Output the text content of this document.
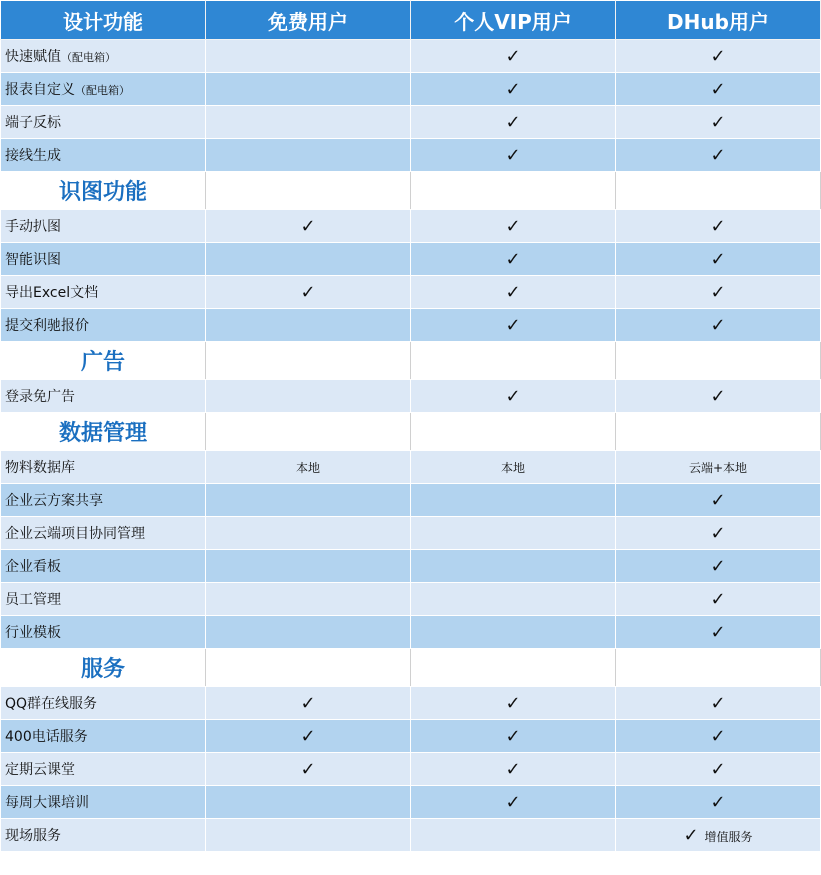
设计功能	免费用户	个人VIP用户	DHub用户
快速赋值（配电箱）		✓	✓
报表自定义（配电箱）		✓	✓
端子反标		✓	✓
接线生成		✓	✓
识图功能			
手动扒图	✓	✓	✓
智能识图		✓	✓
导出Excel文档	✓	✓	✓
提交利驰报价		✓	✓
广告			
登录免广告		✓	✓
数据管理			
物料数据库	本地	本地	云端+本地
企业云方案共享			✓
企业云端项目协同管理			✓
企业看板			✓
员工管理			✓
行业模板			✓
服务			
QQ群在线服务	✓	✓	✓
400电话服务	✓	✓	✓
定期云课堂	✓	✓	✓
每周大课培训		✓	✓
现场服务			✓ 增值服务
